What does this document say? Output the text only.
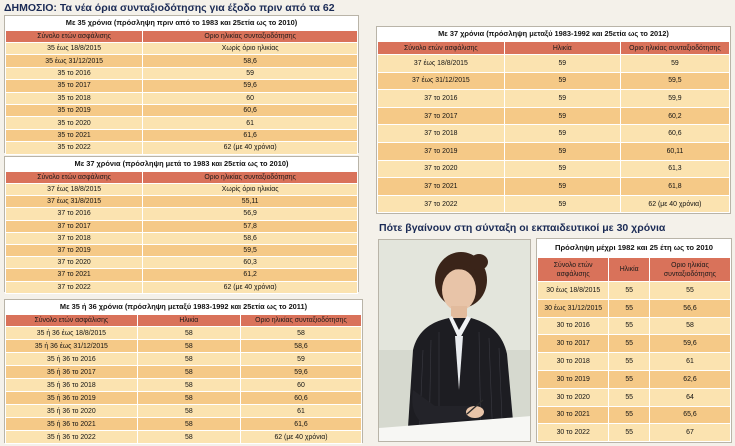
ΔΗΜΟΣΙΟ: Τα νέα όρια συνταξιοδότησης για έξοδο πριν από τα 62
Με 35 χρόνια (πρόσληψη πριν από το 1983 και 25ετία ως το 2010)
Σύνολο ετών ασφάλισης	Οριο ηλικίας συνταξιοδότησης
35 έως 18/8/2015	Χωρίς όριο ηλικίας
35 έως 31/12/2015	58,6
35 το 2016	59
35 το 2017	59,6
35 το 2018	60
35 το 2019	60,6
35 το 2020	61
35 το 2021	61,6
35 το 2022	62 (με 40 χρόνια)
Με 37 χρόνια (πρόσληψη μετά το 1983 και 25ετία ως το 2010)
Σύνολο ετών ασφάλισης	Οριο ηλικίας συνταξιοδότησης
37 έως 18/8/2015	Χωρίς όριο ηλικίας
37 έως 31/8/2015	55,11
37 το 2016	56,9
37 το 2017	57,8
37 το 2018	58,6
37 το 2019	59,5
37 το 2020	60,3
37 το 2021	61,2
37 το 2022	62 (με 40 χρόνια)
Με 35 ή 36 χρόνια (πρόσληψη μεταξύ 1983-1992 και 25ετία ως το 2011)
Σύνολο ετών ασφάλισης	Ηλικία	Οριο ηλικίας συνταξιοδότησης
35 ή 36 έως 18/8/2015	58	58
35 ή 36 έως 31/12/2015	58	58,6
35 ή 36 το 2016	58	59
35 ή 36 το 2017	58	59,6
35 ή 36 το 2018	58	60
35 ή 36 το 2019	58	60,6
35 ή 36 το 2020	58	61
35 ή 36 το 2021	58	61,6
35 ή 36 το 2022	58	62 (με 40 χρόνια)
Με 37 χρόνια (πρόσληψη μεταξύ 1983-1992 και 25ετία ως το 2012)
Σύνολο ετών ασφάλισης	Ηλικία	Οριο ηλικίας συνταξιοδότησης
37 έως 18/8/2015	59	59
37 έως 31/12/2015	59	59,5
37 το 2016	59	59,9
37 το 2017	59	60,2
37 το 2018	59	60,6
37 το 2019	59	60,11
37 το 2020	59	61,3
37 το 2021	59	61,8
37 το 2022	59	62 (με 40 χρόνια)
Πότε βγαίνουν στη σύνταξη οι εκπαιδευτικοί με 30 χρόνια
Πρόσληψη μέχρι 1982 και 25 έτη ως το 2010
Σύνολο ετών ασφάλισης	Ηλικία	Οριο ηλικίας συνταξιοδότησης
30 έως 18/8/2015	55	55
30 έως 31/12/2015	55	56,6
30 το 2016	55	58
30 το 2017	55	59,6
30 το 2018	55	61
30 το 2019	55	62,6
30 το 2020	55	64
30 το 2021	55	65,6
30 το 2022	55	67
